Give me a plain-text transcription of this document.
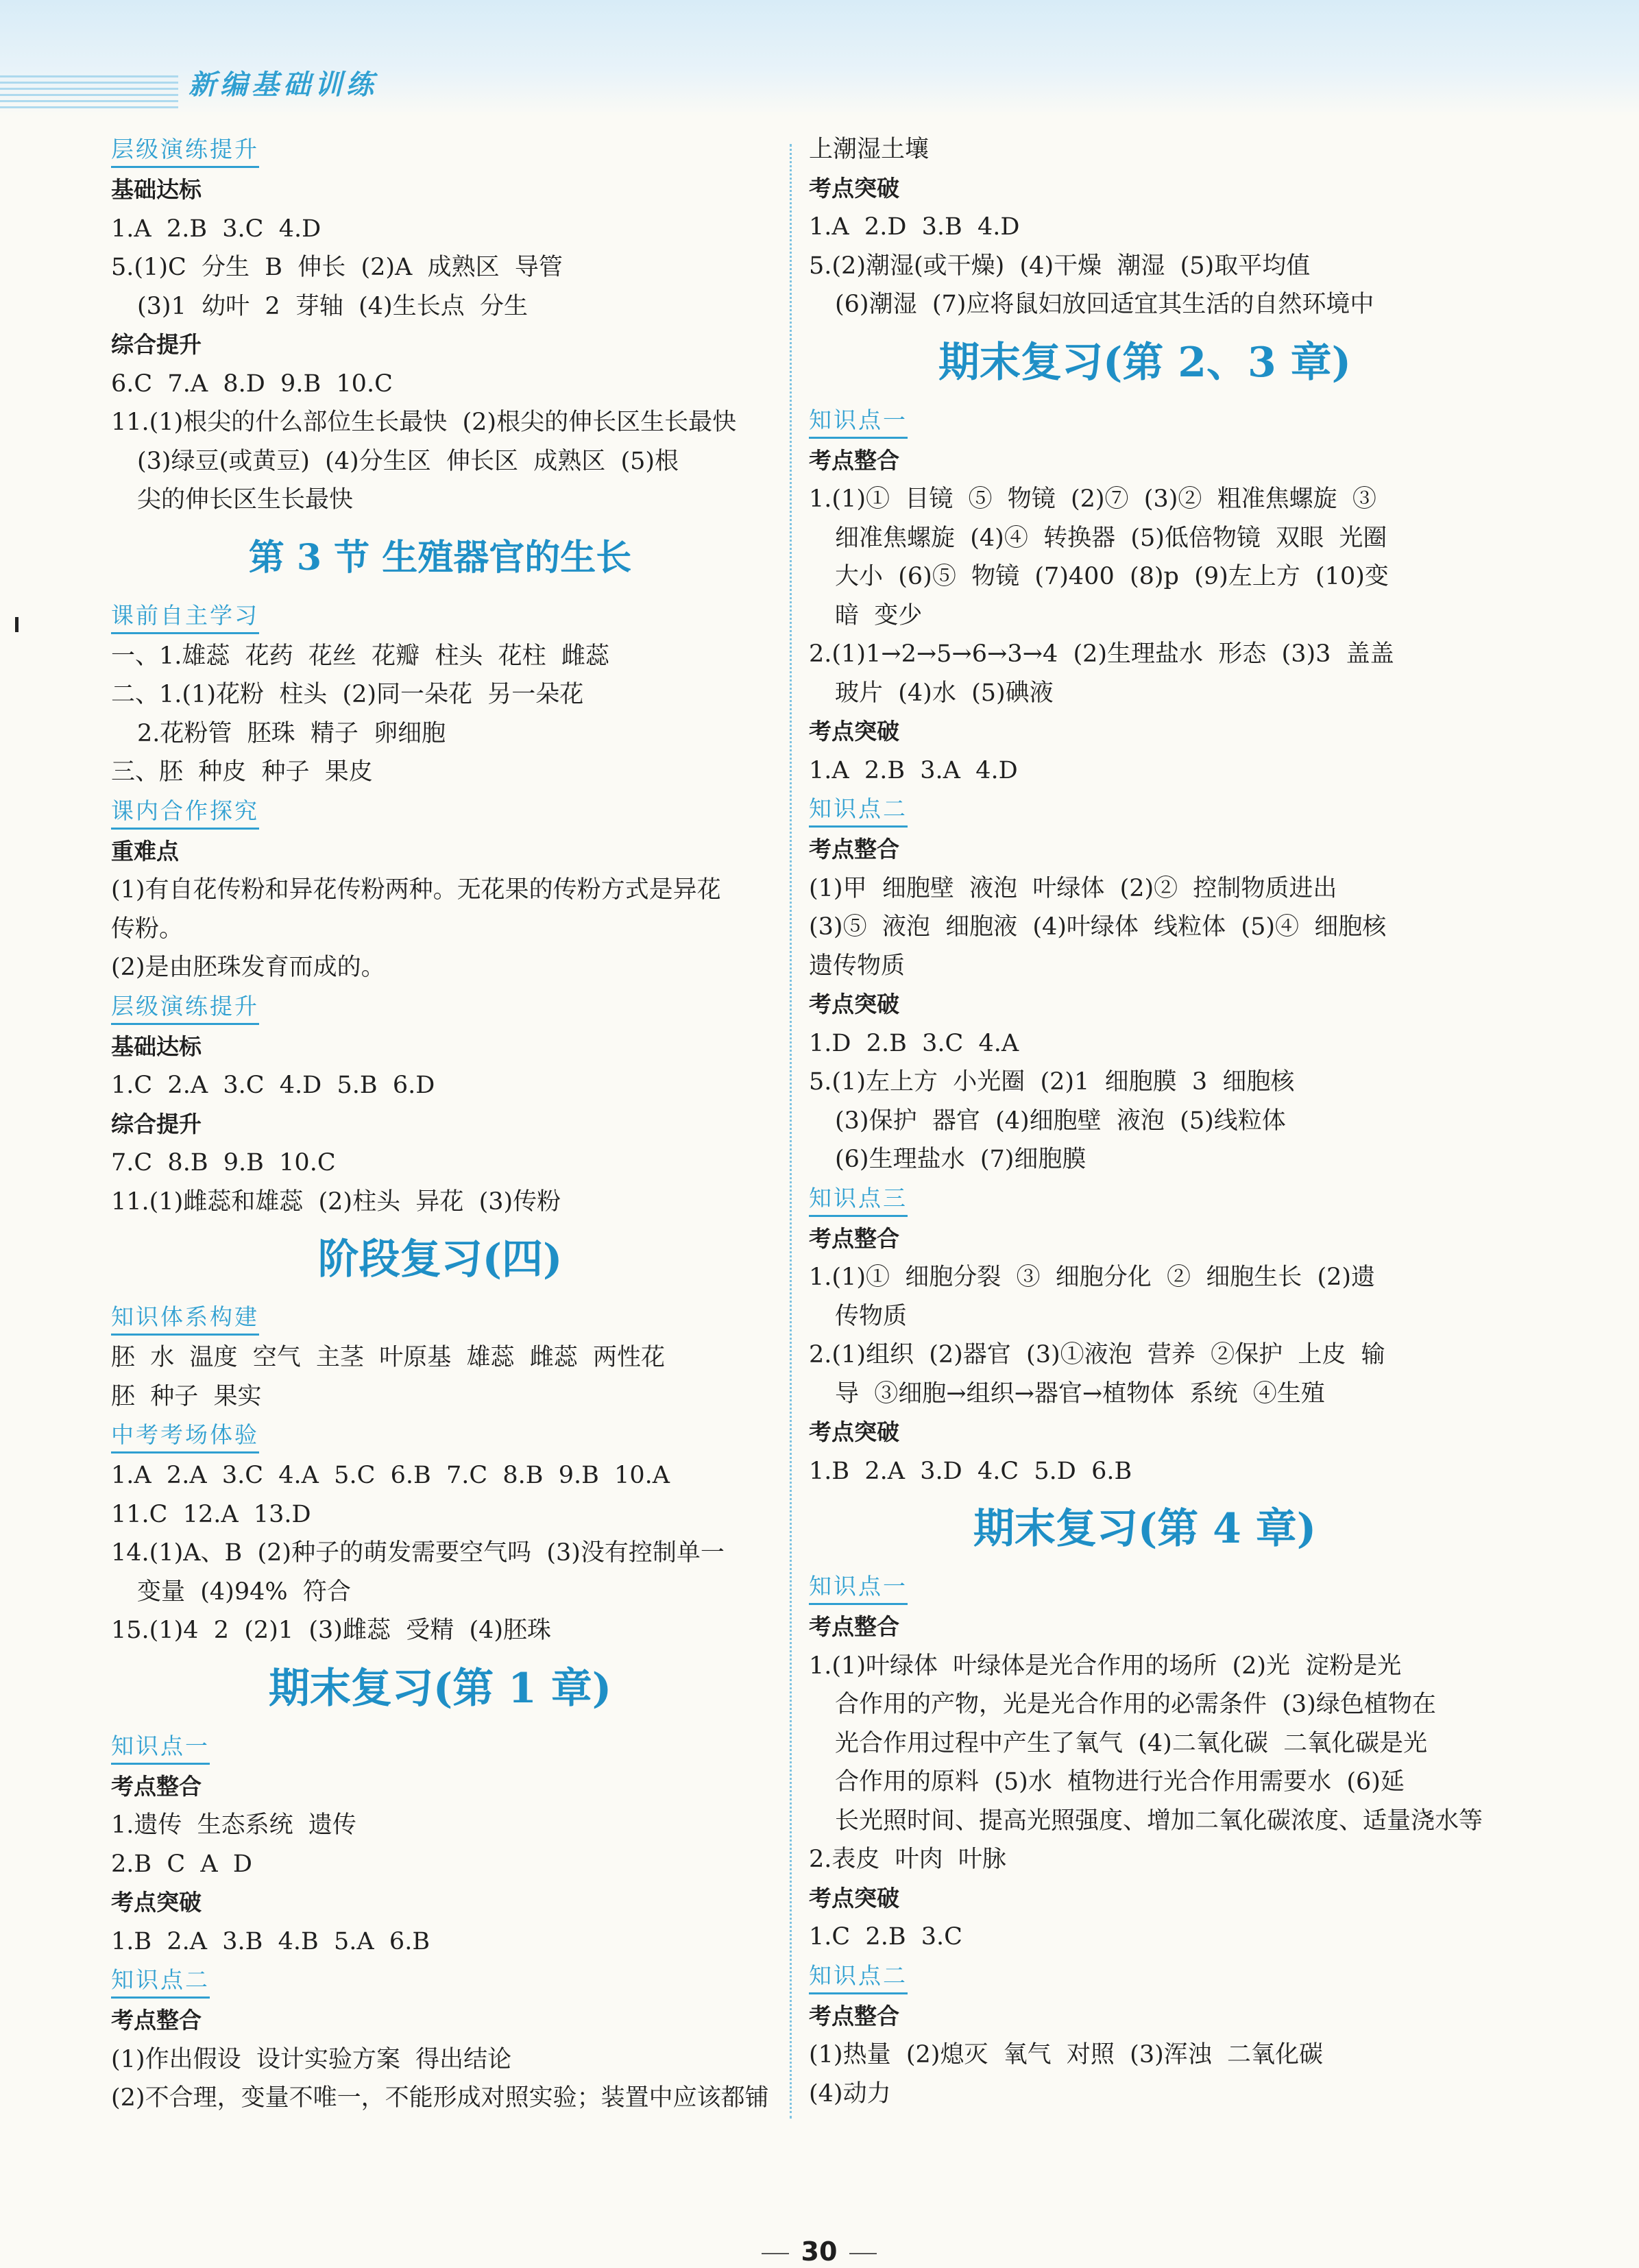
新编基础训练
层级演练提升
基础达标
1.A  2.B  3.C  4.D
5.(1)C  分生  B  伸长  (2)A  成熟区  导管
(3)1  幼叶  2  芽轴  (4)生长点  分生
综合提升
6.C  7.A  8.D  9.B  10.C
11.(1)根尖的什么部位生长最快  (2)根尖的伸长区生长最快
(3)绿豆(或黄豆)  (4)分生区  伸长区  成熟区  (5)根
尖的伸长区生长最快
第 3 节 生殖器官的生长
课前自主学习
一、1.雄蕊  花药  花丝  花瓣  柱头  花柱  雌蕊
二、1.(1)花粉  柱头  (2)同一朵花  另一朵花
2.花粉管  胚珠  精子  卵细胞
三、胚  种皮  种子  果皮
课内合作探究
重难点
(1)有自花传粉和异花传粉两种。无花果的传粉方式是异花
传粉。
(2)是由胚珠发育而成的。
层级演练提升
基础达标
1.C  2.A  3.C  4.D  5.B  6.D
综合提升
7.C  8.B  9.B  10.C
11.(1)雌蕊和雄蕊  (2)柱头  异花  (3)传粉
阶段复习(四)
知识体系构建
胚  水  温度  空气  主茎  叶原基  雄蕊  雌蕊  两性花
胚  种子  果实
中考考场体验
1.A  2.A  3.C  4.A  5.C  6.B  7.C  8.B  9.B  10.A
11.C  12.A  13.D
14.(1)A、B  (2)种子的萌发需要空气吗  (3)没有控制单一
变量  (4)94%  符合
15.(1)4  2  (2)1  (3)雌蕊  受精  (4)胚珠
期末复习(第 1 章)
知识点一
考点整合
1.遗传  生态系统  遗传
2.B  C  A  D
考点突破
1.B  2.A  3.B  4.B  5.A  6.B
知识点二
考点整合
(1)作出假设  设计实验方案  得出结论
(2)不合理，变量不唯一，不能形成对照实验；装置中应该都铺
上潮湿土壤
考点突破
1.A  2.D  3.B  4.D
5.(2)潮湿(或干燥)  (4)干燥  潮湿  (5)取平均值
(6)潮湿  (7)应将鼠妇放回适宜其生活的自然环境中
期末复习(第 2、3 章)
知识点一
考点整合
1.(1)①  目镜  ⑤  物镜  (2)⑦  (3)②  粗准焦螺旋  ③
细准焦螺旋  (4)④  转换器  (5)低倍物镜  双眼  光圈
大小  (6)⑤  物镜  (7)400  (8)p  (9)左上方  (10)变
暗  变少
2.(1)1→2→5→6→3→4  (2)生理盐水  形态  (3)3  盖盖
玻片  (4)水  (5)碘液
考点突破
1.A  2.B  3.A  4.D
知识点二
考点整合
(1)甲  细胞壁  液泡  叶绿体  (2)②  控制物质进出
(3)⑤  液泡  细胞液  (4)叶绿体  线粒体  (5)④  细胞核
遗传物质
考点突破
1.D  2.B  3.C  4.A
5.(1)左上方  小光圈  (2)1  细胞膜  3  细胞核
(3)保护  器官  (4)细胞壁  液泡  (5)线粒体
(6)生理盐水  (7)细胞膜
知识点三
考点整合
1.(1)①  细胞分裂  ③  细胞分化  ②  细胞生长  (2)遗
传物质
2.(1)组织  (2)器官  (3)①液泡  营养  ②保护  上皮  输
导  ③细胞→组织→器官→植物体  系统  ④生殖
考点突破
1.B  2.A  3.D  4.C  5.D  6.B
期末复习(第 4 章)
知识点一
考点整合
1.(1)叶绿体  叶绿体是光合作用的场所  (2)光  淀粉是光
合作用的产物，光是光合作用的必需条件  (3)绿色植物在
光合作用过程中产生了氧气  (4)二氧化碳  二氧化碳是光
合作用的原料  (5)水  植物进行光合作用需要水  (6)延
长光照时间、提高光照强度、增加二氧化碳浓度、适量浇水等
2.表皮  叶肉  叶脉
考点突破
1.C  2.B  3.C
知识点二
考点整合
(1)热量  (2)熄灭  氧气  对照  (3)浑浊  二氧化碳
(4)动力
30
